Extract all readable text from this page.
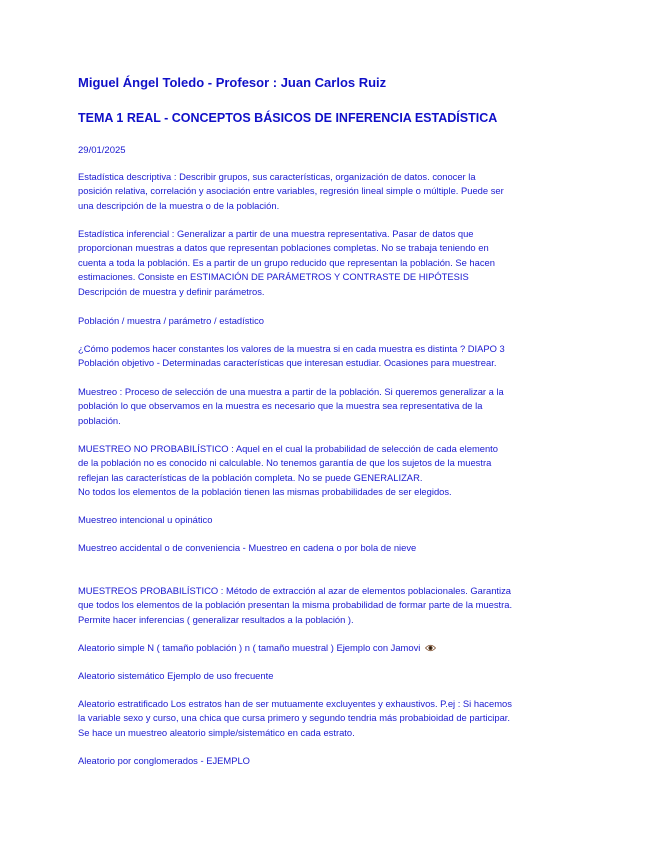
Miguel Ángel Toledo - Profesor : Juan Carlos Ruiz
TEMA 1 REAL - CONCEPTOS BÁSICOS DE INFERENCIA ESTADÍSTICA
29/01/2025
Estadística descriptiva : Describir grupos, sus características, organización de datos. conocer la
posición relativa, correlación y asociación entre variables, regresión lineal simple o múltiple. Puede ser
una descripción de la muestra o de la población.
Estadística inferencial : Generalizar a partir de una muestra representativa. Pasar de datos que
proporcionan muestras a datos que representan poblaciones completas. No se trabaja teniendo en
cuenta a toda la población. Es a partir de un grupo reducido que representan la población. Se hacen
estimaciones. Consiste en ESTIMACIÓN DE PARÁMETROS Y CONTRASTE DE HIPÓTESIS
Descripción de muestra y definir parámetros.
Población / muestra / parámetro / estadístico
¿Cómo podemos hacer constantes los valores de la muestra si en cada muestra es distinta ? DIAPO 3
Población objetivo - Determinadas características que interesan estudiar. Ocasiones para muestrear.
Muestreo : Proceso de selección de una muestra a partir de la población. Si queremos generalizar a la
población lo que observamos en la muestra es necesario que la muestra sea representativa de la
población.
MUESTREO NO PROBABILÍSTICO : Aquel en el cual la probabilidad de selección de cada elemento
de la población no es conocido ni calculable. No tenemos garantía de que los sujetos de la muestra
reflejan las características de la población completa. No se puede GENERALIZAR.
No todos los elementos de la población tienen las mismas probabilidades de ser elegidos.
Muestreo intencional u opinático
Muestreo accidental o de conveniencia - Muestreo en cadena o por bola de nieve
MUESTREOS PROBABILÍSTICO : Método de extracción al azar de elementos poblacionales. Garantiza
que todos los elementos de la población presentan la misma probabilidad de formar parte de la muestra.
Permite hacer inferencias ( generalizar resultados a la población ).
Aleatorio simple N ( tamaño población ) n ( tamaño muestral ) Ejemplo con Jamovi
Aleatorio sistemático Ejemplo de uso frecuente
Aleatorio estratificado Los estratos han de ser mutuamente excluyentes y exhaustivos. P.ej : Si hacemos
la variable sexo y curso, una chica que cursa primero y segundo tendria más probabioidad de participar.
Se hace un muestreo aleatorio simple/sistemático en cada estrato.
Aleatorio por conglomerados - EJEMPLO
